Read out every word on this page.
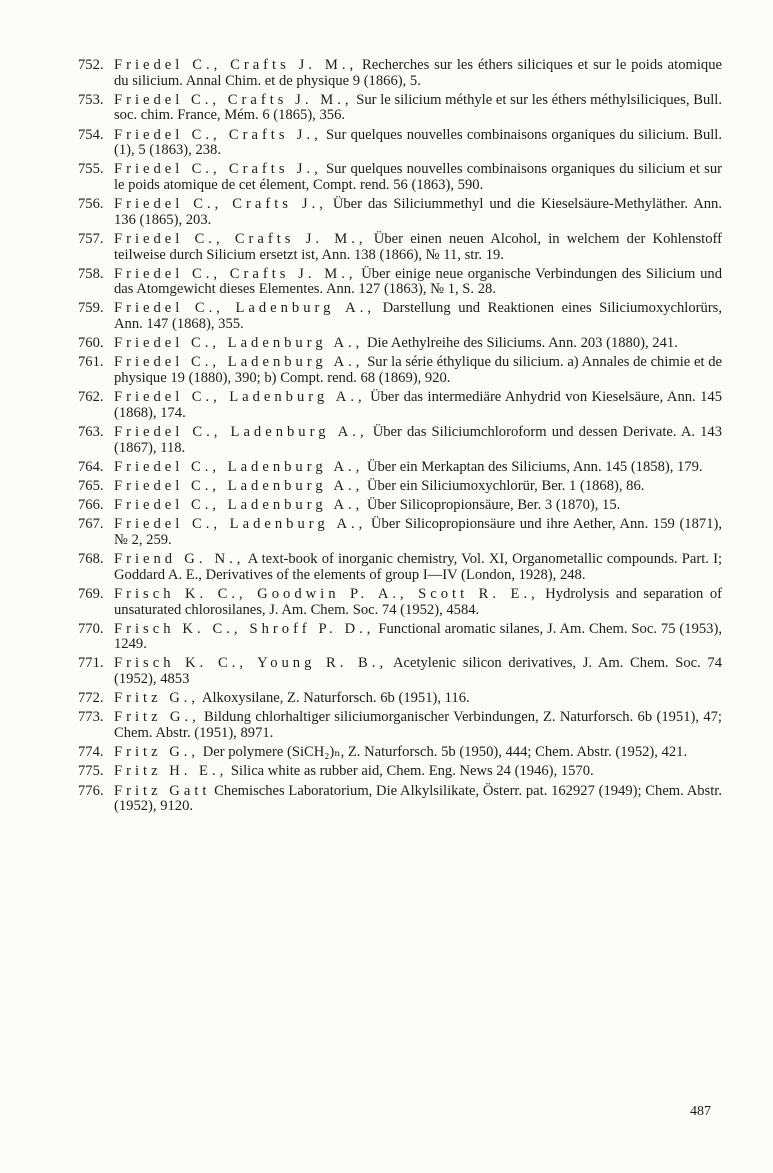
752. Friedel C., Crafts J. M., Recherches sur les éthers siliciques et sur le poids atomique du silicium. Annal Chim. et de physique 9 (1866), 5.
753. Friedel C., Crafts J. M., Sur le silicium méthyle et sur les éthers méthylsiliciques, Bull. soc. chim. France, Mém. 6 (1865), 356.
754. Friedel C., Crafts J., Sur quelques nouvelles combinaisons organiques du silicium. Bull. (1), 5 (1863), 238.
755. Friedel C., Crafts J., Sur quelques nouvelles combinaisons organiques du silicium et sur le poids atomique de cet élement, Compt. rend. 56 (1863), 590.
756. Friedel C., Crafts J., Über das Siliciummethyl und die Kieselsäure-Methyläther. Ann. 136 (1865), 203.
757. Friedel C., Crafts J. M., Über einen neuen Alcohol, in welchem der Kohlenstoff teilweise durch Silicium ersetzt ist, Ann. 138 (1866), № 11, str. 19.
758. Friedel C., Crafts J. M., Über einige neue organische Verbindungen des Silicium und das Atomgewicht dieses Elementes. Ann. 127 (1863), № 1, S. 28.
759. Friedel C., Ladenburg A., Darstellung und Reaktionen eines Siliciumoxychlorürs, Ann. 147 (1868), 355.
760. Friedel C., Ladenburg A., Die Aethylreihe des Siliciums. Ann. 203 (1880), 241.
761. Friedel C., Ladenburg A., Sur la série éthylique du silicium. a) Annales de chimie et de physique 19 (1880), 390; b) Compt. rend. 68 (1869), 920.
762. Friedel C., Ladenburg A., Über das intermediäre Anhydrid von Kieselsäure, Ann. 145 (1868), 174.
763. Friedel C., Ladenburg A., Über das Siliciumchloroform und dessen Derivate. A. 143 (1867), 118.
764. Friedel C., Ladenburg A., Über ein Merkaptan des Siliciums, Ann. 145 (1858), 179.
765. Friedel C., Ladenburg A., Über ein Siliciumoxychlorür, Ber. 1 (1868), 86.
766. Friedel C., Ladenburg A., Über Silicopropionsäure, Ber. 3 (1870), 15.
767. Friedel C., Ladenburg A., Über Silicopropionsäure und ihre Aether, Ann. 159 (1871), № 2, 259.
768. Friend G. N., A text-book of inorganic chemistry, Vol. XI, Organometallic compounds. Part. I; Goddard A. E., Derivatives of the elements of group I—IV (London, 1928), 248.
769. Frisch K. C., Goodwin P. A., Scott R. E., Hydrolysis and separation of unsaturated chlorosilanes, J. Am. Chem. Soc. 74 (1952), 4584.
770. Frisch K. C., Shroff P. D., Functional aromatic silanes, J. Am. Chem. Soc. 75 (1953), 1249.
771. Frisch K. C., Young R. B., Acetylenic silicon derivatives, J. Am. Chem. Soc. 74 (1952), 4853
772. Fritz G., Alkoxysilane, Z. Naturforsch. 6b (1951), 116.
773. Fritz G., Bildung chlorhaltiger siliciumorganischer Verbindungen, Z. Naturforsch. 6b (1951), 47; Chem. Abstr. (1951), 8971.
774. Fritz G., Der polymere (SiCH₂)ₙ, Z. Naturforsch. 5b (1950), 444; Chem. Abstr. (1952), 421.
775. Fritz H. E., Silica white as rubber aid, Chem. Eng. News 24 (1946), 1570.
776. Fritz Gatt Chemisches Laboratorium, Die Alkylsilikate, Österr. pat. 162927 (1949); Chem. Abstr. (1952), 9120.
487
